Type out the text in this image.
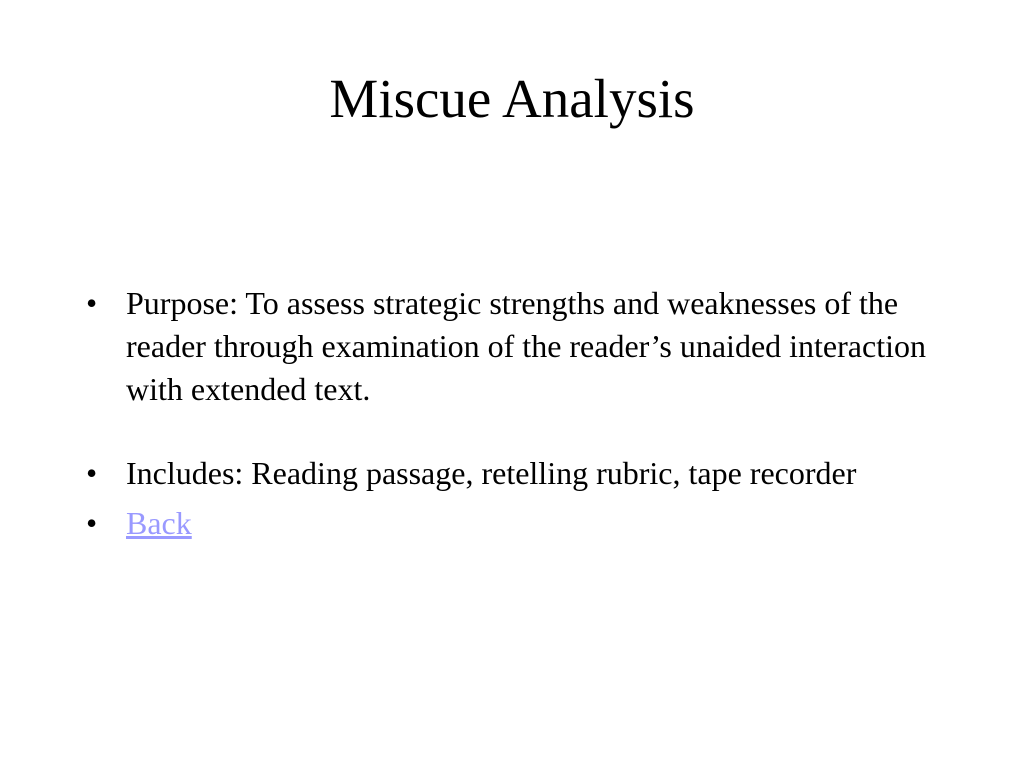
Miscue Analysis
• Purpose: To assess strategic strengths and weaknesses of the reader through examination of the reader’s unaided interaction with extended text.
• Includes: Reading passage, retelling rubric, tape recorder
• Back
